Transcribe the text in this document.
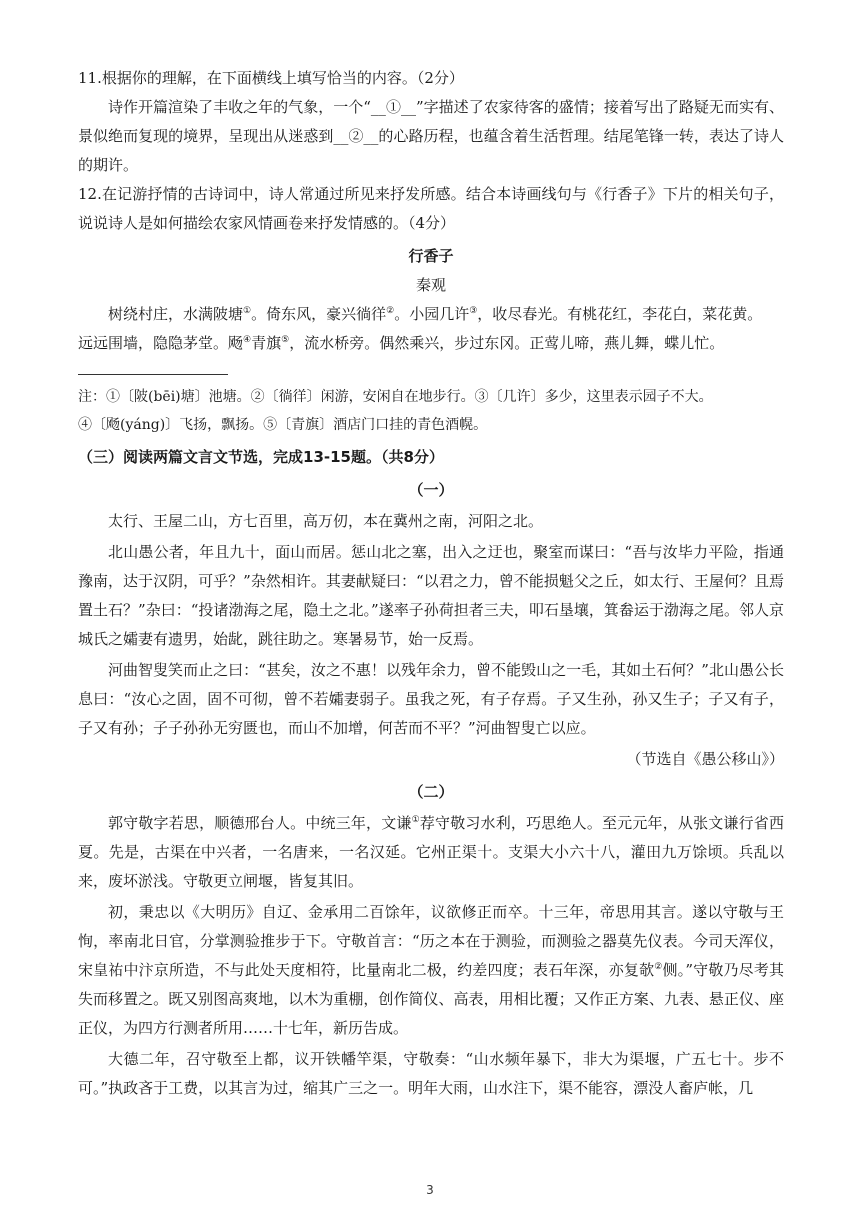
11.根据你的理解，在下面横线上填写恰当的内容。（2分）

诗作开篇渲染了丰收之年的气象，一个“__①__”字描述了农家待客的盛情；接着写出了路疑无而实有、景似绝而复现的境界，呈现出从迷惑到__②__的心路历程，也蕴含着生活哲理。结尾笔锋一转，表达了诗人的期许。

12.在记游抒情的古诗词中，诗人常通过所见来抒发所感。结合本诗画线句与《行香子》下片的相关句子，说说诗人是如何描绘农家风情画卷来抒发情感的。（4分）

行香子

秦观

树绕村庄，水满陂塘①。倚东风，豪兴徜徉②。小园几许③，收尽春光。有桃花红，李花白，菜花黄。

远远围墙，隐隐茅堂。飏④青旗⑤，流水桥旁。偶然乘兴，步过东冈。正莺儿啼，燕儿舞，蝶儿忙。

注：①〔陂(bēi)塘〕池塘。②〔徜徉〕闲游，安闲自在地步行。③〔几许〕多少，这里表示园子不大。

④〔飏(yáng)〕飞扬，飘扬。⑤〔青旗〕酒店门口挂的青色酒幌。

（三）阅读两篇文言文节选，完成13-15题。（共8分）

（一）

太行、王屋二山，方七百里，高万仞，本在冀州之南，河阳之北。

北山愚公者，年且九十，面山而居。惩山北之塞，出入之迂也，聚室而谋曰：“吾与汝毕力平险，指通豫南，达于汉阴，可乎？”杂然相许。其妻献疑曰：“以君之力，曾不能损魁父之丘，如太行、王屋何？且焉置土石？”杂曰：“投诸渤海之尾，隐土之北。”遂率子孙荷担者三夫，叩石垦壤，箕畚运于渤海之尾。邻人京城氏之孀妻有遗男，始龀，跳往助之。寒暑易节，始一反焉。

河曲智叟笑而止之曰：“甚矣，汝之不惠！以残年余力，曾不能毁山之一毛，其如土石何？”北山愚公长息曰：“汝心之固，固不可彻，曾不若孀妻弱子。虽我之死，有子存焉。子又生孙，孙又生子；子又有子，子又有孙；子子孙孙无穷匮也，而山不加增，何苦而不平？”河曲智叟亡以应。

（节选自《愚公移山》）

（二）

郭守敬字若思，顺德邢台人。中统三年，文谦①荐守敬习水利，巧思绝人。至元元年，从张文谦行省西夏。先是，古渠在中兴者，一名唐来，一名汉延。它州正渠十。支渠大小六十八，灌田九万馀顷。兵乱以来，废坏淤浅。守敬更立闸堰，皆复其旧。

初，秉忠以《大明历》自辽、金承用二百馀年，议欲修正而卒。十三年，帝思用其言。遂以守敬与王恂，率南北日官，分掌测验推步于下。守敬首言：“历之本在于测验，而测验之器莫先仪表。今司天浑仪，宋皇祐中汴京所造，不与此处天度相符，比量南北二极，约差四度；表石年深，亦复欹②侧。”守敬乃尽考其失而移置之。既又别图高爽地，以木为重棚，创作简仪、高表，用相比覆；又作正方案、九表、悬正仪、座正仪，为四方行测者所用……十七年，新历告成。

大德二年，召守敬至上都，议开铁幡竿渠，守敬奏：“山水频年暴下，非大为渠堰，广五七十。步不可。”执政吝于工费，以其言为过，缩其广三之一。明年大雨，山水注下，渠不能容，漂没人畜庐帐，几

3
